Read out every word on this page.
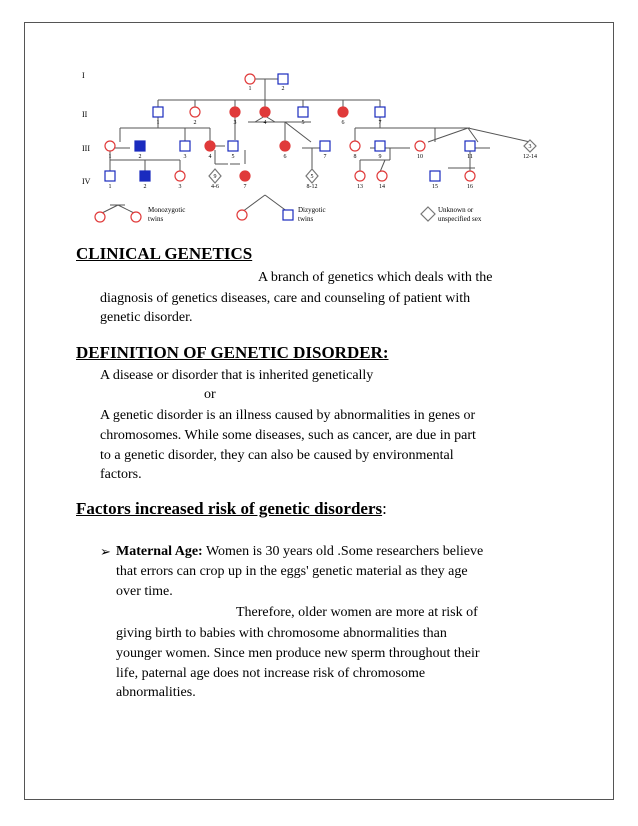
I
II
III
IV	9	5
3
1	2
1	2	3	4	5	6	7
1	2	3	4	5	6	7	8	9	10	11	12-14
1	2	3	4-6	7	8-12	13	14	15	16
Monozygotic
twins
Dizygotic
twins
Unknown or
unspecified sex
CLINICAL GENETICS
A branch of genetics which deals with the
diagnosis of genetics diseases, care and counseling of patient with
genetic disorder.
DEFINITION OF GENETIC DISORDER:
A disease or disorder that is inherited genetically
or
A genetic disorder is an illness caused by abnormalities in genes or
chromosomes. While some diseases, such as cancer, are due in part
to a genetic disorder, they can also be caused by environmental
factors.
Factors increased risk of genetic disorders:
➢ Maternal Age: Women is 30 years old .Some researchers believe
that errors can crop up in the eggs' genetic material as they age
over time.
Therefore, older women are more at risk of
giving birth to babies with chromosome abnormalities than
younger women. Since men produce new sperm throughout their
life, paternal age does not increase risk of chromosome
abnormalities.
